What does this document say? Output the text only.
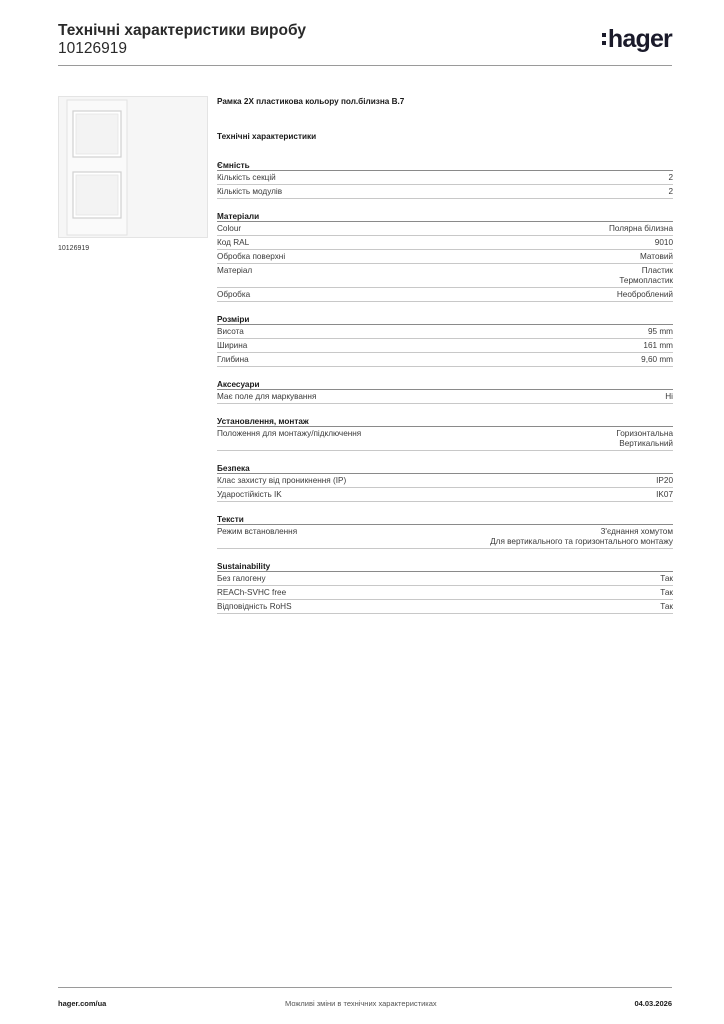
Технічні характеристики виробу
10126919	hager
10126919
Рамка 2Х пластикова кольору пол.білизна B.7
Технічні характеристики
Ємність
Кількість секцій	2
Кількість модулів	2
Матеріали
Colour	Полярна білизна
Код RAL	9010
Обробка поверхні	Матовий
Матеріал	Пластик
Термопластик
Обробка	Необроблений
Розміри
Висота	95 mm
Ширина	161 mm
Глибина	9,60 mm
Аксесуари
Має поле для маркування	Ні
Установлення, монтаж
Положення для монтажу/підключення	Горизонтальна
Вертикальний
Безпека
Клас захисту від проникнення (IP)	IP20
Ударостійкість IK	IK07
Тексти
Режим встановлення	З'єднання хомутом
Для вертикального та горизонтального монтажу
Sustainability
Без галогену	Так
REACh-SVHC free	Так
Відповідність RoHS	Так
hager.com/ua	Можливі зміни в технічних характеристиках	04.03.2026
